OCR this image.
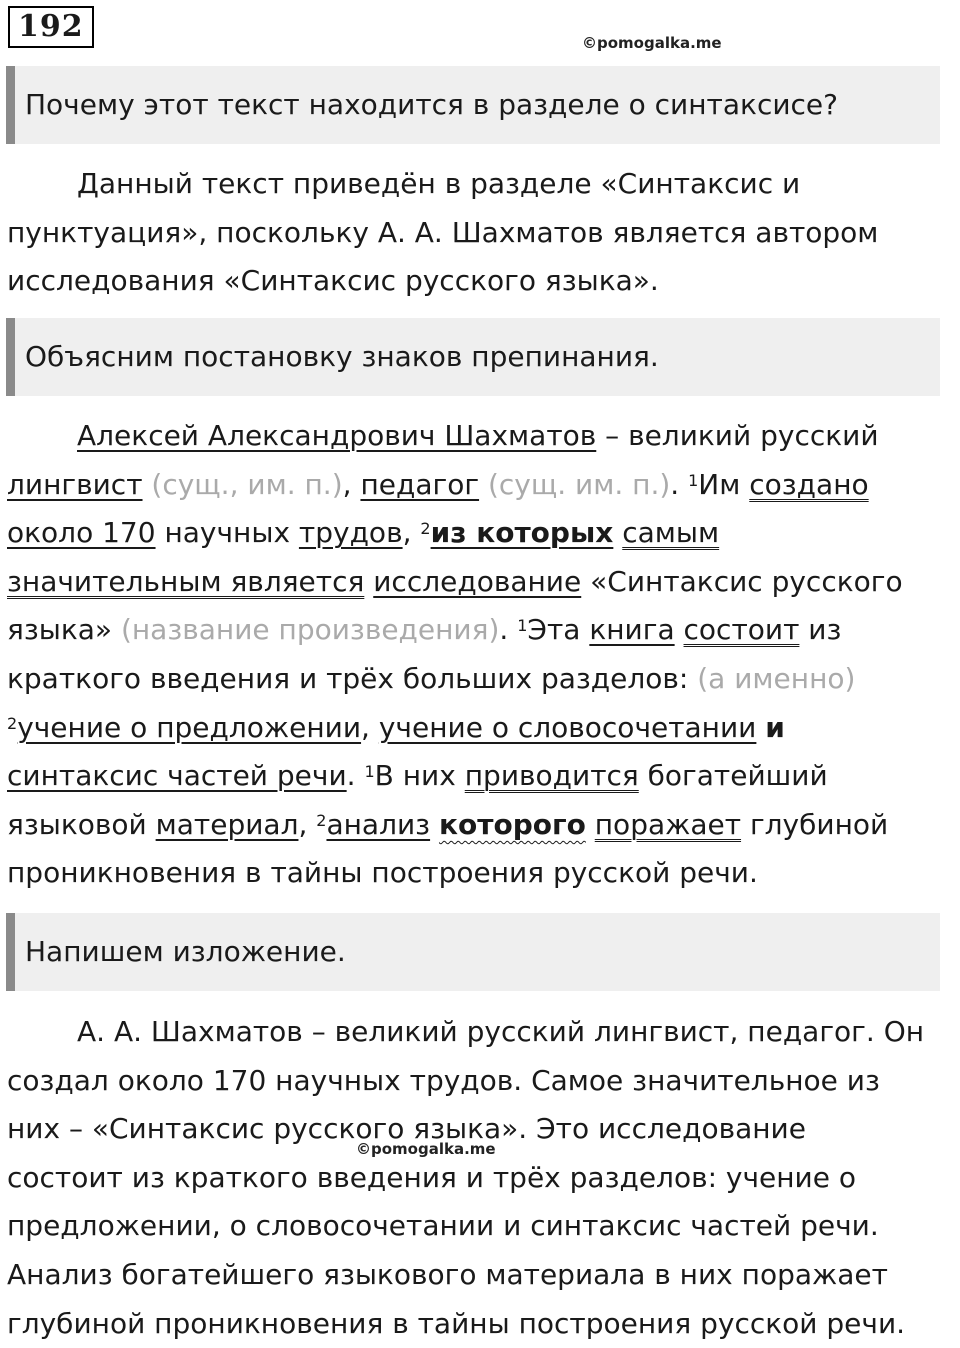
192	©pomogalka.me
Почему этот текст находится в разделе о синтаксисе?

Данный текст приведён в разделе «Синтаксис и
пунктуация», поскольку А. А. Шахматов является автором
исследования «Синтаксис русского языка».

Объясним постановку знаков препинания.

Алексей Александрович Шахматов – великий русский
лингвист (сущ., им. п.), педагог (сущ. им. п.). $^1$Им создано
около 170 научных трудов, $^2$из которых самым
значительным является исследование «Синтаксис русского
языка» (название произведения). $^1$Эта книга состоит из
краткого введения и трёх больших разделов: (а именно)
$^2$учение о предложении, учение о словосочетании и
синтаксис частей речи. $^1$В них приводится богатейший
языковой материал, $^2$анализ которого поражает глубиной
проникновения в тайны построения русской речи.

Напишем изложение.

А. А. Шахматов – великий русский лингвист, педагог. Он
создал около 170 научных трудов. Самое значительное из
них – «Синтаксис русского языка». Это исследование
состоит из краткого введения и трёх разделов: учение о
предложении, о словосочетании и синтаксис частей речи.
Анализ богатейшего языкового материала в них поражает
глубиной проникновения в тайны построения русской речи.

©pomogalka.me
